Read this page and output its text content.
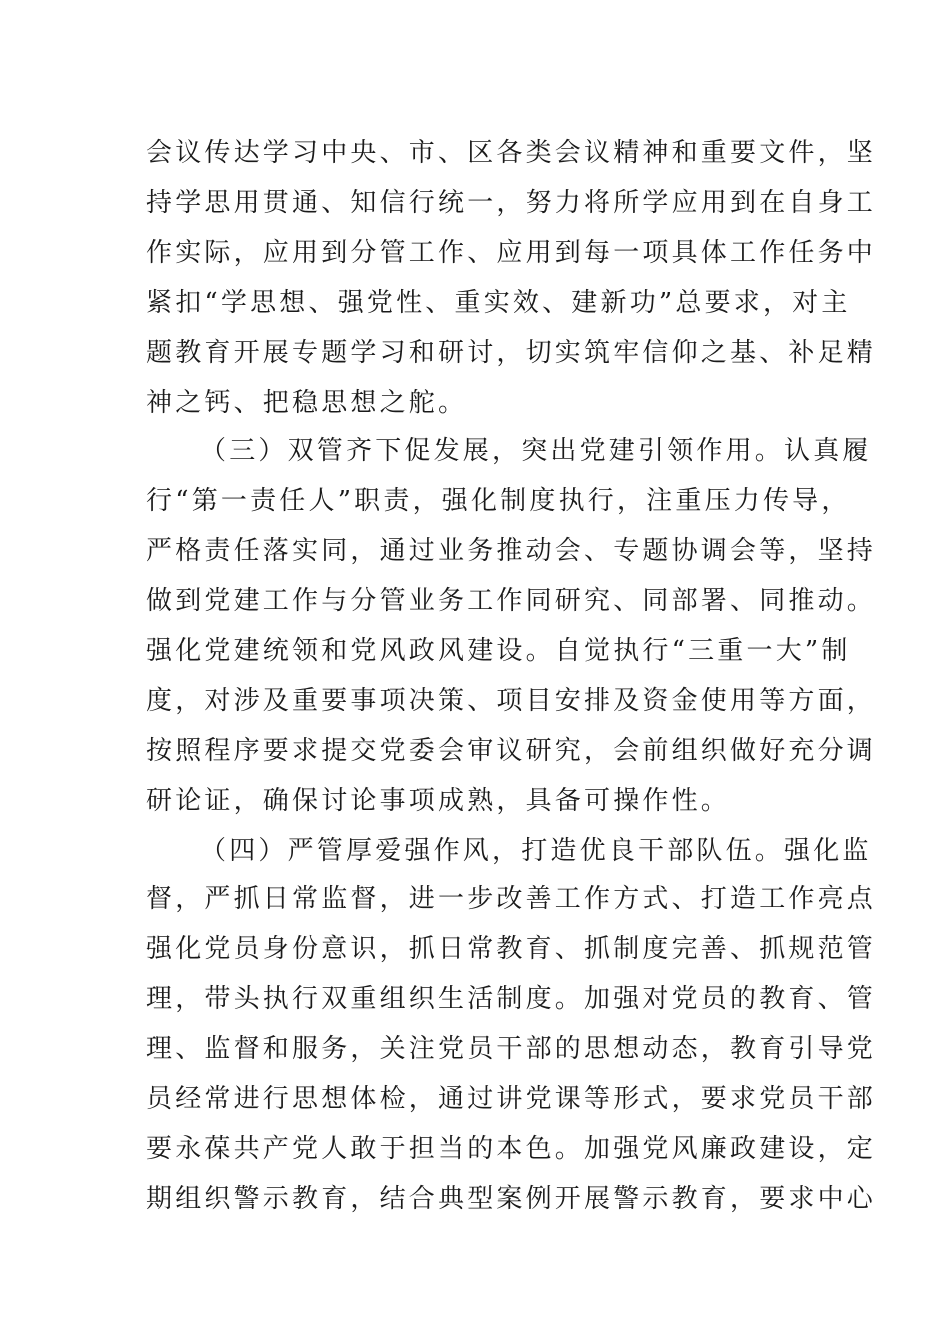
会议传达学习中央、市、区各类会议精神和重要文件，坚
持学思用贯通、知信行统一，努力将所学应用到在自身工
作实际，应用到分管工作、应用到每一项具体工作任务中
紧扣“学思想、强党性、重实效、建新功”总要求，对主
题教育开展专题学习和研讨，切实筑牢信仰之基、补足精
神之钙、把稳思想之舵。
（三）双管齐下促发展，突出党建引领作用。认真履
行“第一责任人”职责，强化制度执行，注重压力传导，
严格责任落实同，通过业务推动会、专题协调会等，坚持
做到党建工作与分管业务工作同研究、同部署、同推动。
强化党建统领和党风政风建设。自觉执行“三重一大”制
度，对涉及重要事项决策、项目安排及资金使用等方面，
按照程序要求提交党委会审议研究，会前组织做好充分调
研论证，确保讨论事项成熟，具备可操作性。
（四）严管厚爱强作风，打造优良干部队伍。强化监
督，严抓日常监督，进一步改善工作方式、打造工作亮点
强化党员身份意识，抓日常教育、抓制度完善、抓规范管
理，带头执行双重组织生活制度。加强对党员的教育、管
理、监督和服务，关注党员干部的思想动态，教育引导党
员经常进行思想体检，通过讲党课等形式，要求党员干部
要永葆共产党人敢于担当的本色。加强党风廉政建设，定
期组织警示教育，结合典型案例开展警示教育，要求中心
